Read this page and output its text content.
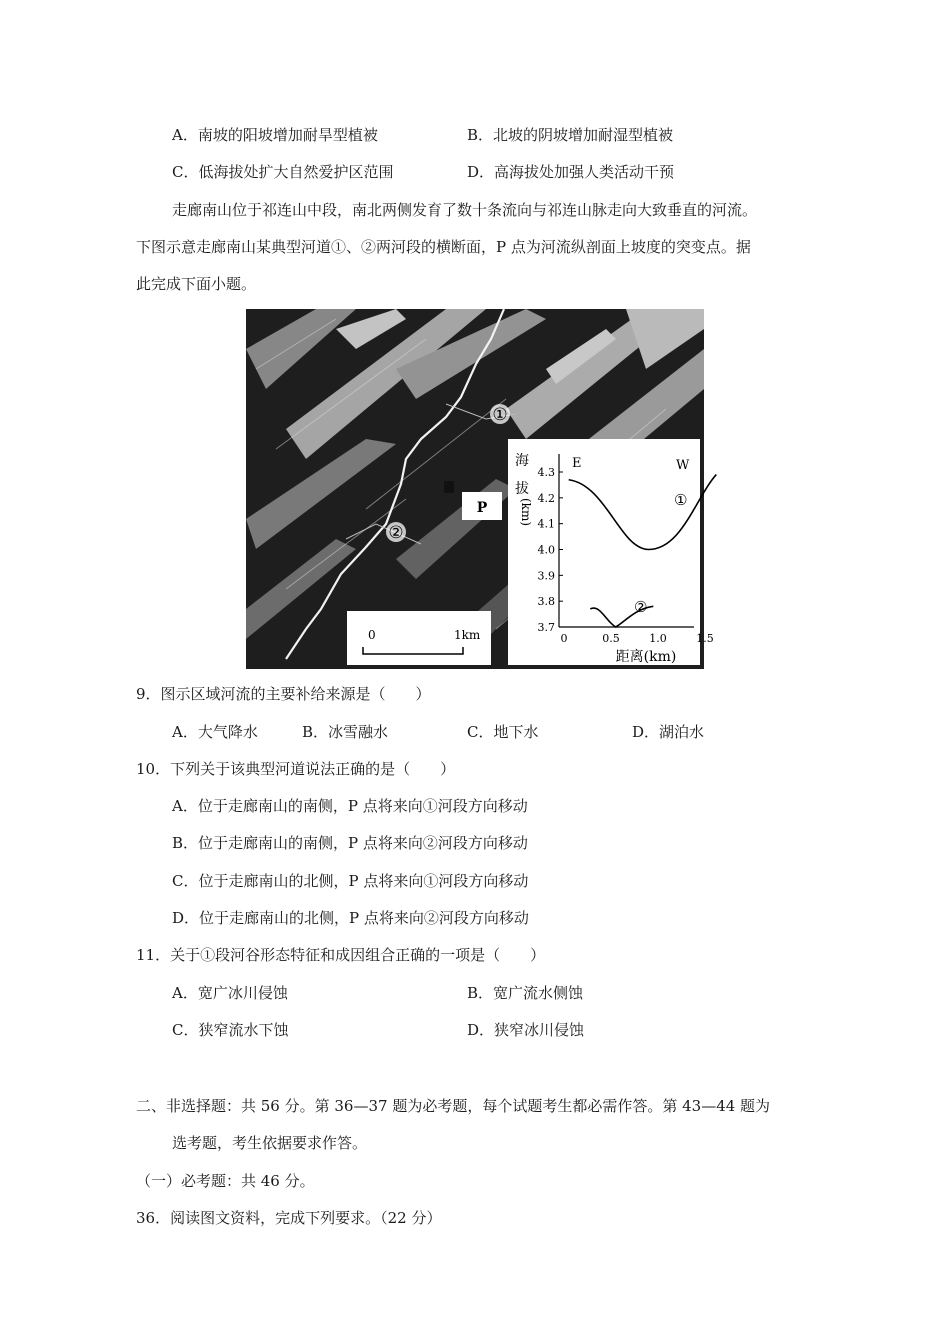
A．南坡的阳坡增加耐旱型植被	B．北坡的阴坡增加耐湿型植被
C．低海拔处扩大自然爱护区范围	D．高海拔处加强人类活动干预
走廊南山位于祁连山中段，南北两侧发育了数十条流向与祁连山脉走向大致垂直的河流。
下图示意走廊南山某典型河道①、②两河段的横断面，P 点为河流纵剖面上坡度的突变点。据
此完成下面小题。
P
①
②
0	1km
海
拔
(km)
4.3
4.2
4.1
4.0
3.9
3.8
3.7
0	0.5	1.0	1.5
E	W
①
②
距离(km)
9．图示区域河流的主要补给来源是（　　）
A．大气降水	B．冰雪融水	C．地下水	D．湖泊水
10．下列关于该典型河道说法正确的是（　　）
A．位于走廊南山的南侧，P 点将来向①河段方向移动
B．位于走廊南山的南侧，P 点将来向②河段方向移动
C．位于走廊南山的北侧，P 点将来向①河段方向移动
D．位于走廊南山的北侧，P 点将来向②河段方向移动
11．关于①段河谷形态特征和成因组合正确的一项是（　　）
A．宽广冰川侵蚀	B．宽广流水侧蚀
C．狭窄流水下蚀	D．狭窄冰川侵蚀
二、非选择题：共 56 分。第 36—37 题为必考题，每个试题考生都必需作答。第 43—44 题为
选考题，考生依据要求作答。
（一）必考题：共 46 分。
36．阅读图文资料，完成下列要求。（22 分）
